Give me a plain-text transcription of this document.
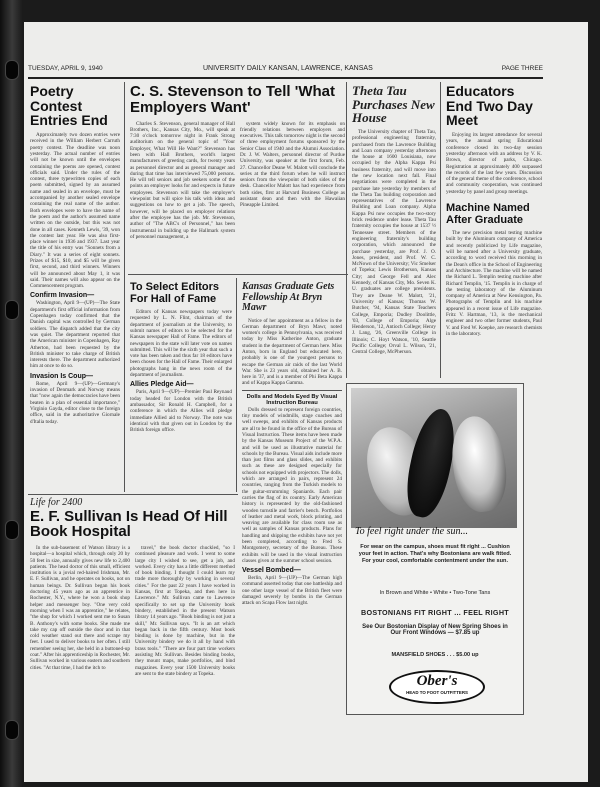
TUESDAY, APRIL 9, 1940	UNIVERSITY DAILY KANSAN, LAWRENCE, KANSAS	PAGE THREE
Poetry Contest Entries End

Approximately two dozen entries were received in the William Herbert Carruth poetry contest. The deadline was noon yesterday. The actual number of entries will not be known until the envelopes containing the poems are opened, contest officials said. Under the rules of the contest, three typewritten copies of each poem submitted, signed by an assumed name and sealed in an envelope, must be accompanied by another sealed envelope containing the real name of the author. Both envelopes were to have the name of the poem and the author's assumed name written on the outside, but this was not done in all cases. Kenneth Lewis, '39, won the contest last year. He was also first-place winner in 1936 and 1937. Last year the title of his entry was "Sonnets from a Diary." It was a series of eight sonnets. Prizes of $15, $10, and $5 will be given first, second, and third winners. Winners will be announced about May 1, it was said. Their names will also appear on the Commencement program.

Confirm Invasion—

Washington, April 9—(UP)—The State department's first official information from Copenhagen today confirmed that the Danish capital was controlled by German soldiers. The dispatch added that the city was quiet. The department reported that the American minister in Copenhagen, Ray Atherton, had been requested by the British minister to take charge of British interests there. The department authorized him at once to do so.

Invasion Is Coup—

Rome, April 9—(UP)—Germany's invasion of Denmark and Norway means that "now again the democracies have been beaten in a plan of essential importance," Virginio Gayda, editor close to the foreign office, said in the authoritative Giornale d'Italia today.

C. S. Stevenson to Tell 'What Employers Want'

Charles S. Stevenson, general manager of Hall Brothers, Inc., Kansas City, Mo., will speak at 7:30 o'clock tomorrow night in Frank Strong auditorium on the general topic of "Your Employer, What Will He Want?" Stevenson has been with Hall Brothers, world's largest manufacturers of greeting cards, for twenty years as personnel director and as general manager and during that time has interviewed 75,000 persons. He will tell seniors and job seekers some of the points an employer looks for and expects in future employees. Stevenson will take the employer's viewpoint but will spice his talk with ideas and suggestions on how to get a job. The speech, however, will be placed on employer relations after the employee has the job. Mr. Stevenson, author of "The ABC's of Personnel," has been instrumental in building up the Hallmark system of personnel management, a

system widely known for its emphasis on friendly relations between employers and executives. This talk tomorrow night is the second of three employment forums sponsored by the Senior Class of 1940 and the Alumni Association. Dr. J. W. Walters, personnel director of Purdue University, was speaker at the first forum, Feb. 27. Chancellor Deane W. Malott will conclude the series at the third forum when he will instruct seniors from the viewpoint of both sides of the desk. Chancellor Malott has had experience from both sides, first at Harvard Business College as assistant dean and then with the Hawaiian Pineapple Limited.

To Select Editors For Hall of Fame

Editors of Kansas newspapers today were requested by L. N. Flint, chairman of the department of journalism at the University, to submit names of editors to be selected for the Kansas newspaper Hall of Fame. The editors of newspapers in the state will later vote on names submitted. This will be the sixth year that such a vote has been taken and thus far 18 editors have been chosen for the Hall of Fame. Their enlarged photographs hang in the news room of the department of journalism.

Allies Pledge Aid—

Paris, April 9—(UP)—Premier Paul Reynaud today headed for London with the British ambassador, Sir Ronald H. Campbell, for a conference in which the Allies will pledge immediate Allied aid to Norway. The note was identical with that given out in London by the British foreign office.

Kansas Graduate Gets Fellowship At Bryn Mawr

Notice of her appointment as a fellow in the German department of Bryn Mawr, noted women's college in Pennsylvania, was received today by Miss Katherine Anton, graduate student in the department of German here. Miss Anton, born in England but educated here, probably is one of the youngest persons to escape the German air raids of the last World War. She is 23 years old, obtained her A. B. here in '37, and is a member of Phi Beta Kappa and of Kappa Kappa Gamma.

Dolls and Models Eyed By Visual Instruction Bureau

Dolls dressed to represent foreign countries, tiny models of windmills, stage coaches and well sweeps, and exhibits of Kansas products are all to be found in the office of the Bureau of Visual Instruction. These items have been made by the Kansas Museum Project of the W.P.A. and will be used as illustrative material for schools by the Bureau. Visual aids include more than just films and glass slides, and exhibits such as these are designed especially for schools not equipped with projectors. The dolls, which are arranged in pairs, represent 24 countries, ranging from the Turkish models to the guitar-strumming Spaniards. Each pair carries the flag of its country. Early American history is represented by the old-fashioned wooden turnstile and farrier's bench. Portfolios of leather and metal work, block printing, and weaving are available for class room use as well as samples of Kansas products. Plans for handling and shipping the exhibits have not yet been completed, according to Fred S. Montgomery, secretary of the Bureau. These exhibits will be used in the visual instruction classes given at the summer school session.

Vessel Bombed—

Berlin, April 9—(UP)—The German high command asserted today that one battleship and one other large vessel of the British fleet were damaged severely by bombs in the German attack on Scapa Flow last night.

Theta Tau Purchases New House

The University chapter of Theta Tau, professional engineering fraternity, purchased from the Lawrence Building and Loan company yesterday afternoon the house at 1600 Louisiana, now occupied by the Alpha Kappa Psi business fraternity, and will move into the new location next fall. Final negotiations were completed in the purchase late yesterday by members of the Theta Tau building corporation and representatives of the Lawrence Building and Loan company. Alpha Kappa Psi now occupies the two-story brick residence under lease. Theta Tau fraternity occupies the house at 1537 ½ Tennessee street. Members of the engineering fraternity's building corporation, which announced the purchase yesterday, are Prof. J. O. Jones, president, and Prof. W. C. McNown of the University; Vic Smelser of Topeka; Lewis Brotherson, Kansas City; and George Fell and Alec Kennedy, of Kansas City, Mo. Seven K. U. graduates are college presidents. They are Deane W. Malott, '21, University of Kansas; Thomas W. Butcher, '94, Kansas State Teachers College, Emporia; Dudley Doolittle, '03, College of Emporia; Alge Henderson, '12, Antioch College; Henry J. Lang, '26, Greenville College in Illinois; C. Hoyt Watson, '10, Seattle Pacific College; Orval L. Wilson, '21, Central College, McPherson.

Educators End Two Day Meet

Enjoying its largest attendance for several years, the annual spring Educational conference closed its two-day session yesterday afternoon with an address by V. K. Brown, director of parks, Chicago. Registration at approximately 400 surpassed the records of the last few years. Discussion of the general theme of the conference, school and community cooperation, was continued yesterday by panel and group meetings.

Machine Named After Graduate

The new precision metal testing machine built by the Aluminum company of America and recently publicized by Life magazine, will be named after a University graduate, according to word received this morning in the Dean's office in the School of Engineering and Architecture. The machine will be named the Richard L. Templin testing machine after Richard Templin, '15. Templin is in charge of the testing laboratory of the Aluminum company of America at New Kensington, Pa. Photographs of Templin and his machine appeared in a recent issue of Life magazine. Fritz V. Hartman, '13, is the mechanical engineer and two other former students, Paul V. and Fred W. Koepke, are research chemists in the laboratory.

Life for 2400
E. F. Sullivan Is Head Of Hill Book Hospital

In the sub-basement of Watson library is a hospital—a hospital which, through only 20 by 50 feet in size, annually gives new life to 2,400 patients. The head doctor of this small, efficient institution is a jovial red-haired Irishman, Mr. E. F. Sullivan, and he operates on books, not on human beings. Dr. Sullivan began his book doctoring 45 years ago as an apprentice in Rochester, N.Y., where he won a book shop helper and messenger boy. "One very cold morning when I was an apprentice," he relates, "the shop for which I worked sent me to Susan B. Anthony's with some books. She made me take my cap off outside the door and in that cold weather stand out there and scrape my feet. I used to deliver books to her often. I still remember seeing her, she held in a buttoned-up coat." After his apprenticeship in Rochester, Mr. Sullivan worked in various eastern and southern cities. "At that time, I had the itch to

travel," the book doctor chuckled, "so I continued pleasure and work. I went to some large city I wished to see, get a job, and worked. Every city has a little different method of book binding. I thought I could learn my trade more thoroughly by working in several cities." For the past 22 years I have worked in Kansas, first at Topeka, and then here in Lawrence." Mr. Sullivan came to Lawrence specifically to set up the University book bindery, established in the present Watson library 14 years ago. "Book binding is not just a skill," Mr. Sullivan says. "It is an art which began back in the fifth century. Most book binding is done by machine, but in the University bindery we do it all by hand with brass tools." "There are four part time workers assisting Mr. Sullivan. Besides binding books, they mount maps, make portfolios, and bind magazines. Every year 1500 University books are sent to the state bindery at Topeka.

To feel right under the sun...
For wear on the campus, shoes must fit right ... Cushion your feet in action. That's why Bostonians are walk fitted. For your cool, comfortable contentment under the sun.
In Brown and White • White • Two-Tone Tans
BOSTONIANS FIT RIGHT ... FEEL RIGHT
See Our Bostonian Display of New Spring Shoes in Our Front Windows — $7.85 up
MANSFIELD SHOES . . . $5.00 up
Ober's
HEAD TO FOOT OUTFITTERS
